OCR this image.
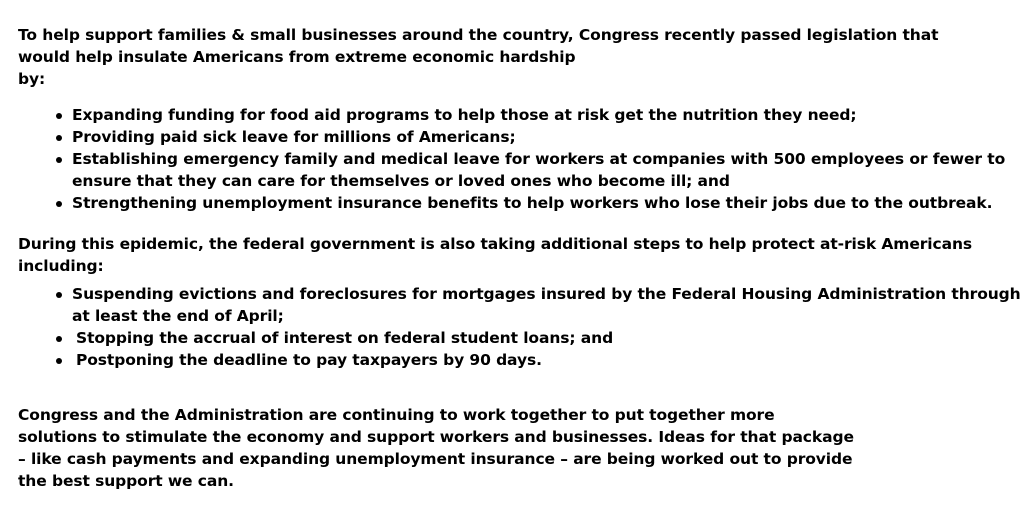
To help support families & small businesses around the country, Congress recently passed legislation that
would help insulate Americans from extreme economic hardship
by:

Expanding funding for food aid programs to help those at risk get the nutrition they need;
Providing paid sick leave for millions of Americans;
Establishing emergency family and medical leave for workers at companies with 500 employees or fewer to
ensure that they can care for themselves or loved ones who become ill; and
Strengthening unemployment insurance benefits to help workers who lose their jobs due to the outbreak.

During this epidemic, the federal government is also taking additional steps to help protect at-risk Americans
including:

Suspending evictions and foreclosures for mortgages insured by the Federal Housing Administration through
at least the end of April;
Stopping the accrual of interest on federal student loans; and
Postponing the deadline to pay taxpayers by 90 days.

Congress and the Administration are continuing to work together to put together more
solutions to stimulate the economy and support workers and businesses. Ideas for that package
– like cash payments and expanding unemployment insurance – are being worked out to provide
the best support we can.
